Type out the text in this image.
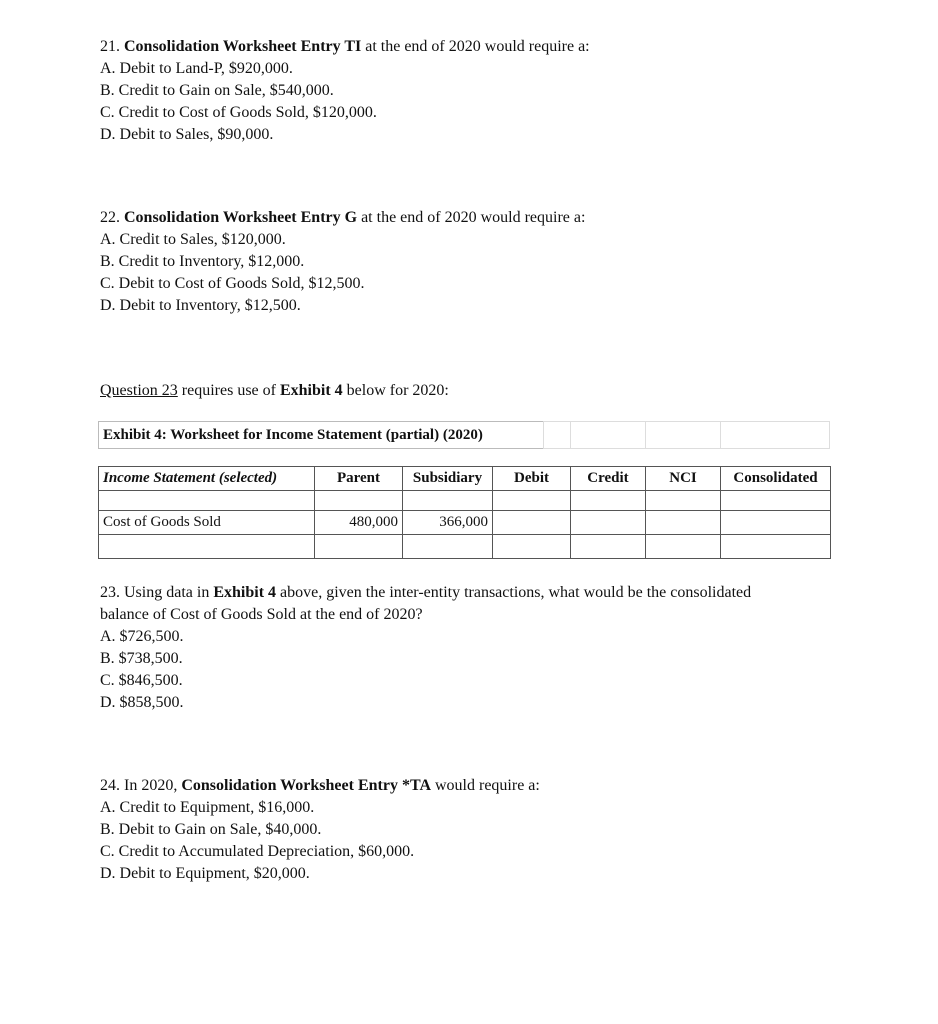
21. Consolidation Worksheet Entry TI at the end of 2020 would require a:

A. Debit to Land-P, $920,000.

B. Credit to Gain on Sale, $540,000.

C. Credit to Cost of Goods Sold, $120,000.

D. Debit to Sales, $90,000.

22. Consolidation Worksheet Entry G at the end of 2020 would require a:

A. Credit to Sales, $120,000.

B. Credit to Inventory, $12,000.

C. Debit to Cost of Goods Sold, $12,500.

D. Debit to Inventory, $12,500.

Question 23 requires use of Exhibit 4 below for 2020:

Exhibit 4: Worksheet for Income Statement (partial) (2020)
Income Statement (selected)	Parent	Subsidiary	Debit	Credit	NCI	Consolidated

Cost of Goods Sold	480,000	366,000				

23. Using data in Exhibit 4 above, given the inter-entity transactions, what would be the consolidated balance of Cost of Goods Sold at the end of 2020?

A. $726,500.

B. $738,500.

C. $846,500.

D. $858,500.

24. In 2020, Consolidation Worksheet Entry *TA would require a:

A. Credit to Equipment, $16,000.

B. Debit to Gain on Sale, $40,000.

C. Credit to Accumulated Depreciation, $60,000.

D. Debit to Equipment, $20,000.
